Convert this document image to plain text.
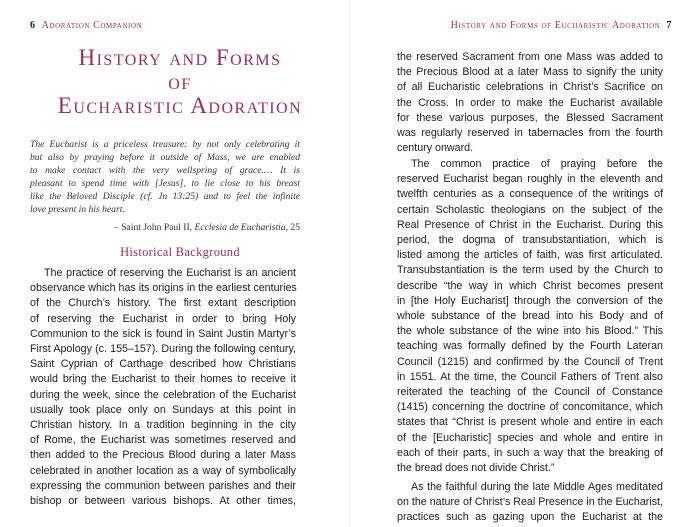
6 Adoration Companion
History and Forms
of
Eucharistic Adoration
The Eucharist is a priceless treasure: by not only celebrating it
but also by praying before it outside of Mass, we are enabled
to make contact with the very wellspring of grace.… It is
pleasant to spend time with [Jesus], to lie close to his breast
like the Beloved Disciple (cf. Jn 13:25) and to feel the infinite
love present in his heart.
– Saint John Paul II, Ecclesia de Eucharistia, 25
Historical Background

The practice of reserving the Eucharist is an ancient
observance which has its origins in the earliest centuries
of the Church’s history. The first extant description
of reserving the Eucharist in order to bring Holy
Communion to the sick is found in Saint Justin Martyr’s
First Apology (c. 155–157). During the following century,
Saint Cyprian of Carthage described how Christians
would bring the Eucharist to their homes to receive it
during the week, since the celebration of the Eucharist
usually took place only on Sundays at this point in
Christian history. In a tradition beginning in the city
of Rome, the Eucharist was sometimes reserved and
then added to the Precious Blood during a later Mass
celebrated in another location as a way of symbolically
expressing the communion between parishes and their
bishop or between various bishops. At other times,

History and Forms of Eucharistic Adoration 7

the reserved Sacrament from one Mass was added to
the Precious Blood at a later Mass to signify the unity
of all Eucharistic celebrations in Christ’s Sacrifice on
the Cross. In order to make the Eucharist available
for these various purposes, the Blessed Sacrament
was regularly reserved in tabernacles from the fourth
century onward.

The common practice of praying before the
reserved Eucharist began roughly in the eleventh and
twelfth centuries as a consequence of the writings of
certain Scholastic theologians on the subject of the
Real Presence of Christ in the Eucharist. During this
period, the dogma of transubstantiation, which is
listed among the articles of faith, was first articulated.
Transubstantiation is the term used by the Church to
describe “the way in which Christ becomes present
in [the Holy Eucharist] through the conversion of the
whole substance of the bread into his Body and of
the whole substance of the wine into his Blood.” This
teaching was formally defined by the Fourth Lateran
Council (1215) and confirmed by the Council of Trent
in 1551. At the time, the Council Fathers of Trent also
reiterated the teaching of the Council of Constance
(1415) concerning the doctrine of concomitance, which
states that “Christ is present whole and entire in each
of the [Eucharistic] species and whole and entire in
each of their parts, in such a way that the breaking of
the bread does not divide Christ.”

As the faithful during the late Middle Ages meditated
on the nature of Christ’s Real Presence in the Eucharist,
practices such as gazing upon the Eucharist at the
